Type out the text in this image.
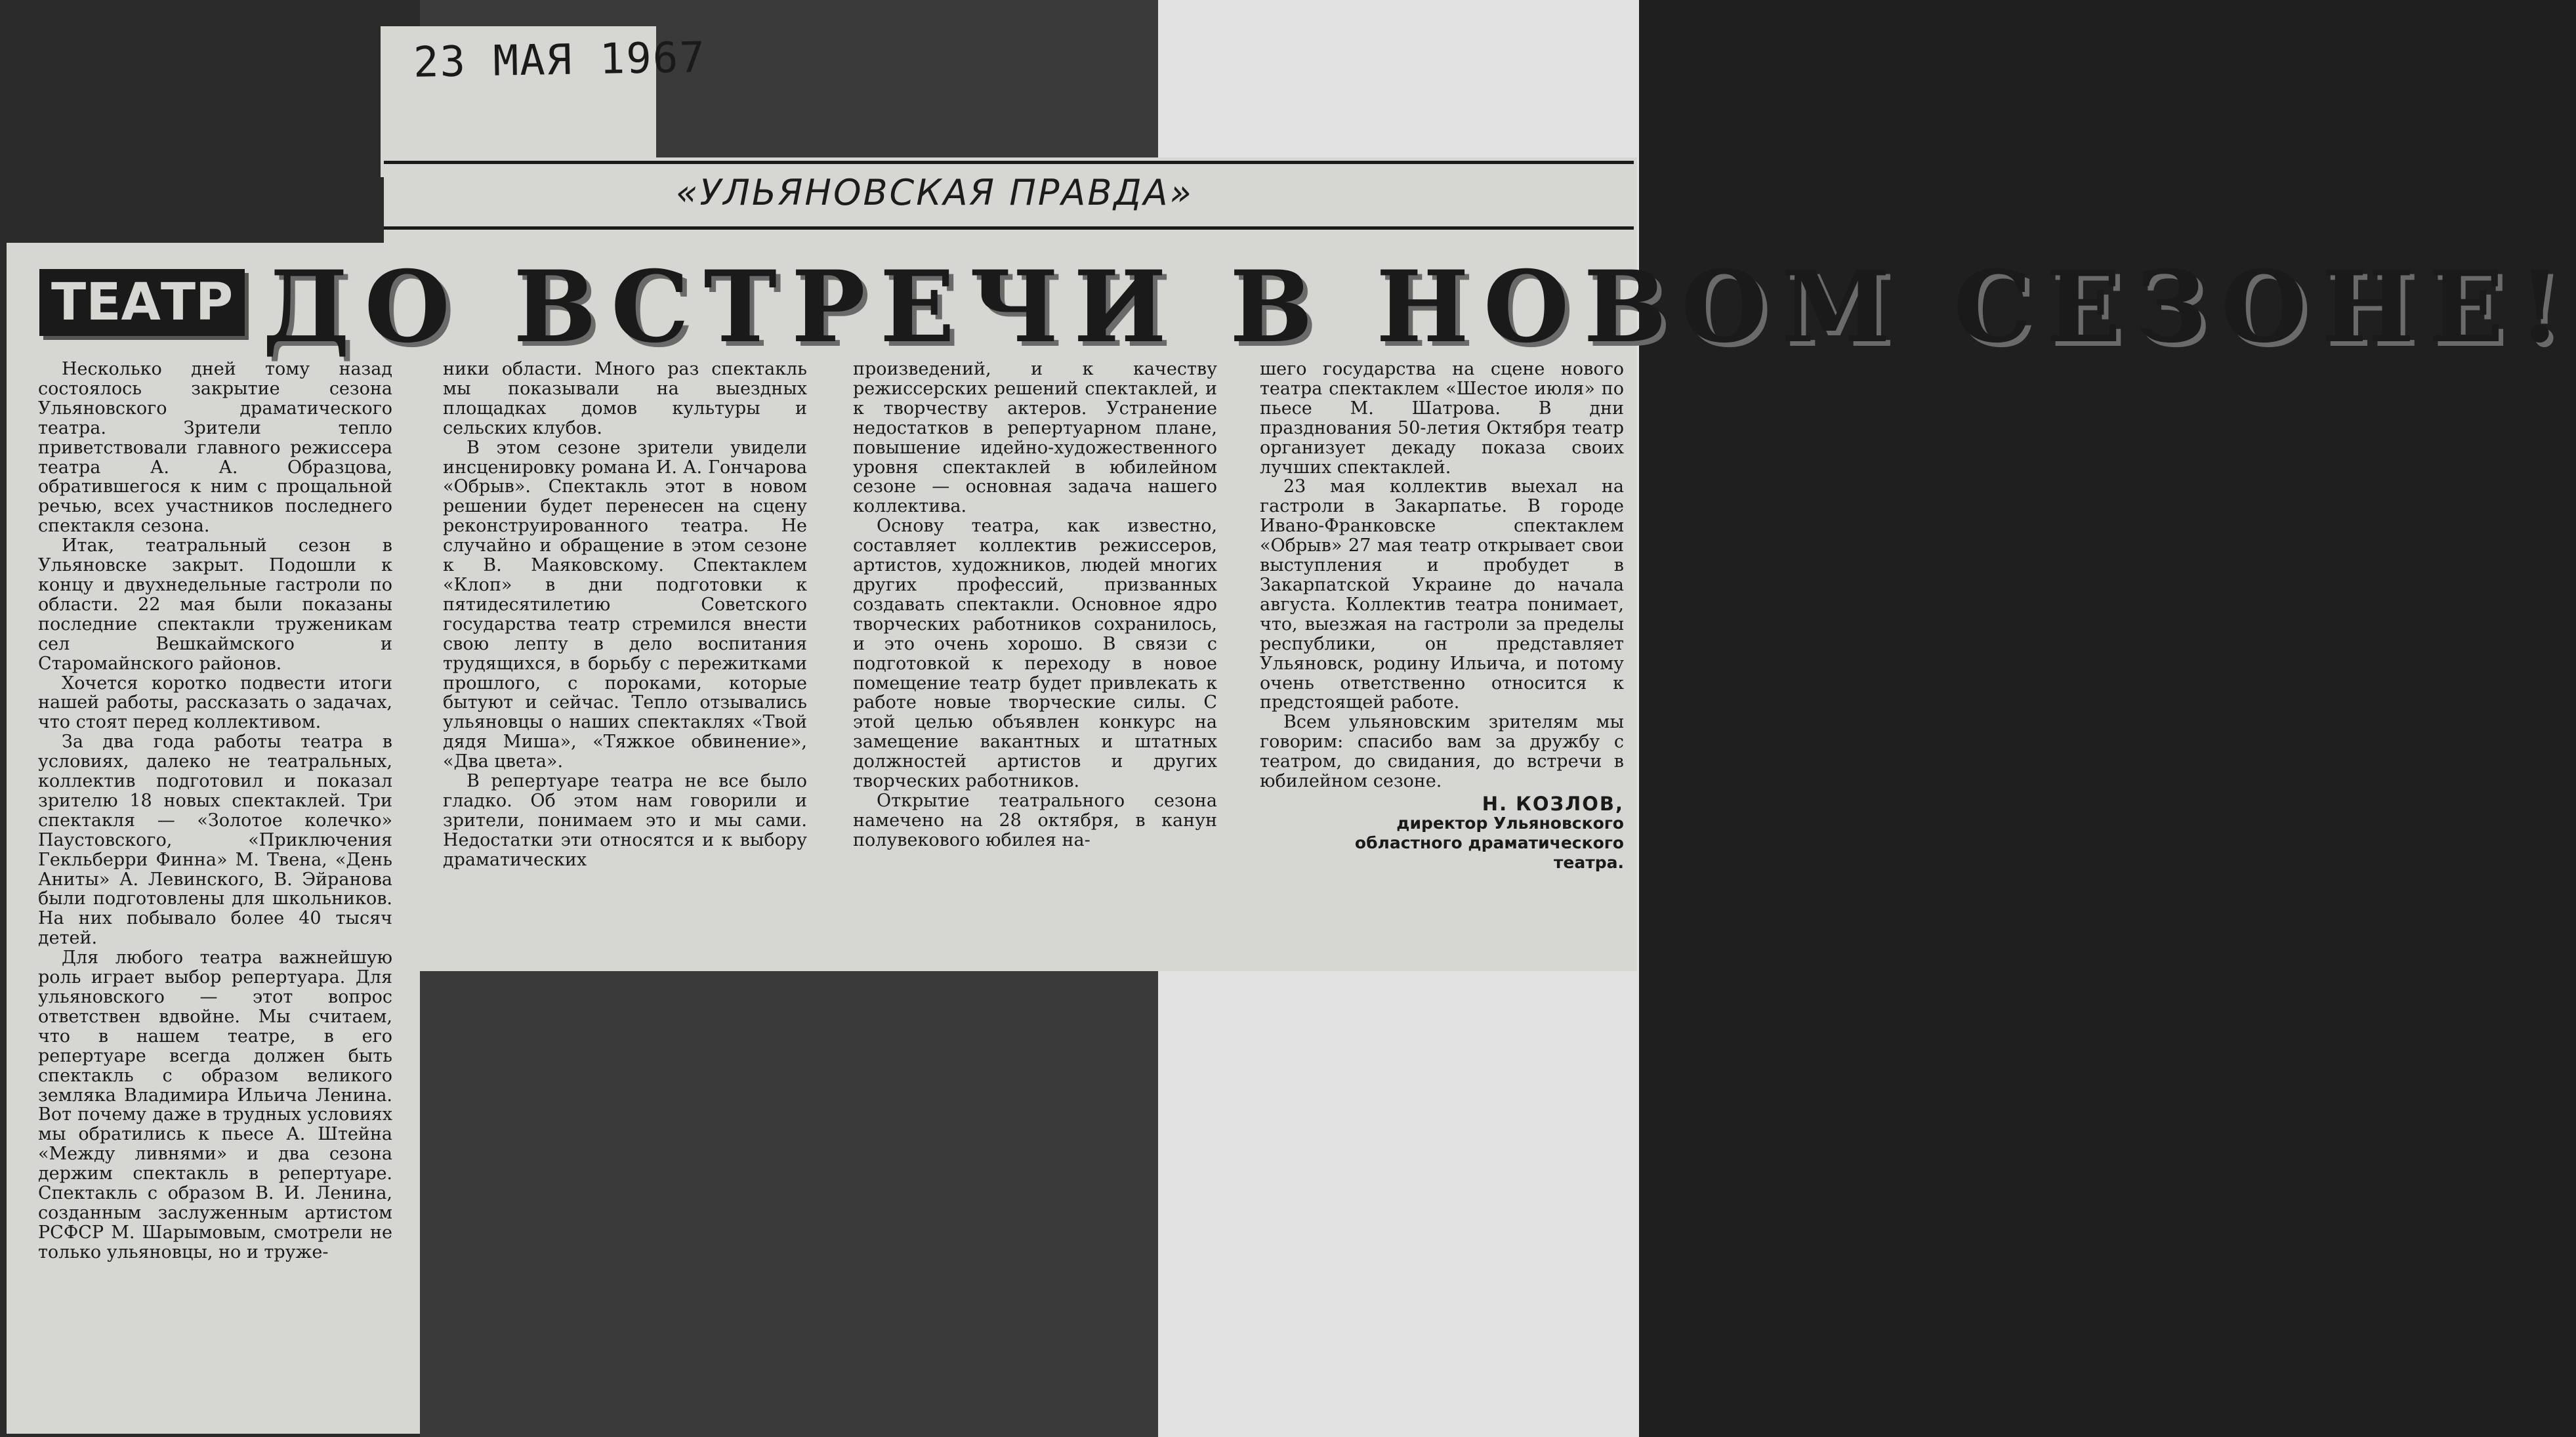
23 МАЯ 1967
«УЛЬЯНОВСКАЯ ПРАВДА»
ТЕАТР ДО ВСТРЕЧИ В НОВОМ СЕЗОНЕ!

Несколько дней тому назад состоялось закрытие сезона Ульяновского драматического театра. Зрители тепло приветствовали главного режиссера театра А. А. Образцова, обратившегося к ним с прощальной речью, всех участников последнего спектакля сезона.

Итак, театральный сезон в Ульяновске закрыт. Подошли к концу и двухнедельные гастроли по области. 22 мая были показаны последние спектакли труженикам сел Вешкаймского и Старомайнского районов.

Хочется коротко подвести итоги нашей работы, рассказать о задачах, что стоят перед коллективом.

За два года работы театра в условиях, далеко не театральных, коллектив подготовил и показал зрителю 18 новых спектаклей. Три спектакля — «Золотое колечко» Паустовского, «Приключения Гекльберри Финна» М. Твена, «День Аниты» А. Левинского, В. Эйранова были подготовлены для школьников. На них побывало более 40 тысяч детей.

Для любого театра важнейшую роль играет выбор репертуара. Для ульяновского — этот вопрос ответствен вдвойне. Мы считаем, что в нашем театре, в его репертуаре всегда должен быть спектакль с образом великого земляка Владимира Ильича Ленина. Вот почему даже в трудных условиях мы обратились к пьесе А. Штейна «Между ливнями» и два сезона держим спектакль в репертуаре. Спектакль с образом В. И. Ленина, созданным заслуженным артистом РСФСР М. Шарымовым, смотрели не только ульяновцы, но и тружe-

ники области. Много раз спектакль мы показывали на выездных площадках домов культуры и сельских клубов.

В этом сезоне зрители увидели инсценировку романа И. А. Гончарова «Обрыв». Спектакль этот в новом решении будет перенесен на сцену реконструированного театра. Не случайно и обращение в этом сезоне к В. Маяковскому. Спектаклем «Клоп» в дни подготовки к пятидесятилетию Советского государства театр стремился внести свою лепту в дело воспитания трудящихся, в борьбу с пережитками прошлого, с пороками, которые бытуют и сейчас. Тепло отзывались ульяновцы о наших спектаклях «Твой дядя Миша», «Тяжкое обвинение», «Два цвета».

В репертуаре театра не все было гладко. Об этом нам говорили и зрители, понимаем это и мы сами. Недостатки эти относятся и к выбору драматических

произведений, и к качеству режиссерских решений спектаклей, и к творчеству актеров. Устранение недостатков в репертуарном плане, повышение идейно-художественного уровня спектаклей в юбилейном сезоне — основная задача нашего коллектива.

Основу театра, как известно, составляет коллектив режиссеров, артистов, художников, людей многих других профессий, призванных создавать спектакли. Основное ядро творческих работников сохранилось, и это очень хорошо. В связи с подготовкой к переходу в новое помещение театр будет привлекать к работе новые творческие силы. С этой целью объявлен конкурс на замещение вакантных и штатных должностей артистов и других творческих работников.

Открытие театрального сезона намечено на 28 октября, в канун полувекового юбилея на-

шего государства на сцене нового театра спектаклем «Шестое июля» по пьесе М. Шатрова. В дни празднования 50-летия Октября театр организует декаду показа своих лучших спектаклей.

23 мая коллектив выехал на гастроли в Закарпатье. В городе Ивано-Франковске спектаклем «Обрыв» 27 мая театр открывает свои выступления и пробудет в Закарпатской Украине до начала августа. Коллектив театра понимает, что, выезжая на гастроли за пределы республики, он представляет Ульяновск, родину Ильича, и потому очень ответственно относится к предстоящей работе.

Всем ульяновским зрителям мы говорим: спасибо вам за дружбу с театром, до свидания, до встречи в юбилейном сезоне.

Н. КОЗЛОВ,
директор Ульяновского
областного драматического
театра.
